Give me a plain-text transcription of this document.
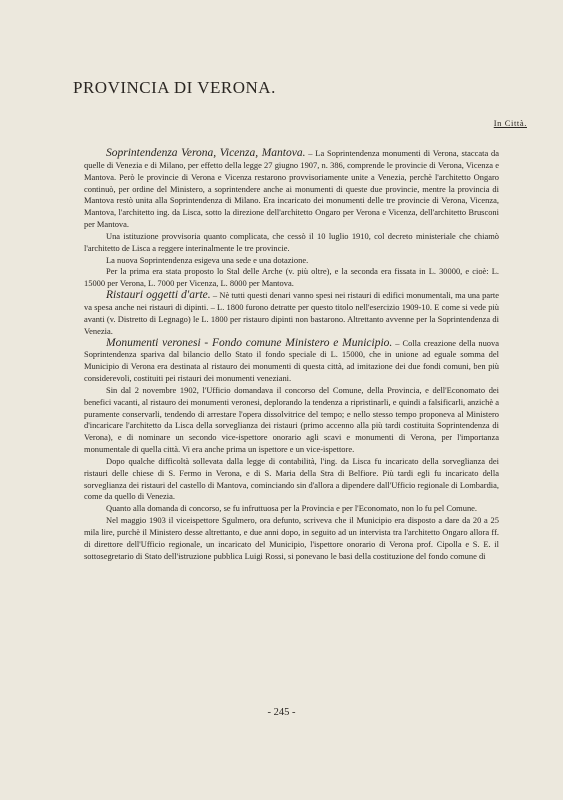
PROVINCIA DI VERONA.
In Città.

Soprintendenza Verona, Vicenza, Mantova. – La Soprintendenza monumenti di Verona, staccata da quelle di Venezia e di Milano, per effetto della legge 27 giugno 1907, n. 386, comprende le provincie di Verona, Vicenza e Mantova. Però le provincie di Verona e Vicenza restarono provvisoriamente unite a Venezia, perchè l'architetto Ongaro continuò, per ordine del Ministero, a soprintendere anche ai monumenti di queste due provincie, mentre la provincia di Mantova restò unita alla Soprintendenza di Milano. Era incaricato dei monumenti delle tre provincie di Verona, Vicenza, Mantova, l'architetto ing. da Lisca, sotto la direzione dell'architetto Ongaro per Verona e Vicenza, dell'architetto Brusconi per Mantova.

Una istituzione provvisoria quanto complicata, che cessò il 10 luglio 1910, col decreto ministeriale che chiamò l'architetto de Lisca a reggere interinalmente le tre provincie.

La nuova Soprintendenza esigeva una sede e una dotazione.

Per la prima era stata proposto lo Stal delle Arche (v. più oltre), e la seconda era fissata in L. 30000, e cioè: L. 15000 per Verona, L. 7000 per Vicenza, L. 8000 per Mantova.

Ristauri oggetti d'arte. – Nè tutti questi denari vanno spesi nei ristauri di edifici monumentali, ma una parte va spesa anche nei ristauri di dipinti. – L. 1800 furono detratte per questo titolo nell'esercizio 1909-10. E come si vede più avanti (v. Distretto di Legnago) le L. 1800 per ristauro dipinti non bastarono. Altrettanto avvenne per la Soprintendenza di Venezia.

Monumenti veronesi - Fondo comune Ministero e Municipio. – Colla creazione della nuova Soprintendenza spariva dal bilancio dello Stato il fondo speciale di L. 15000, che in unione ad eguale somma del Municipio di Verona era destinata al ristauro dei monumenti di questa città, ad imitazione dei due fondi comuni, ben più considerevoli, costituiti pei ristauri dei monumenti veneziani.

Sin dal 2 novembre 1902, l'Ufficio domandava il concorso del Comune, della Provincia, e dell'Economato dei benefici vacanti, al ristauro dei monumenti veronesi, deplorando la tendenza a ripristinarli, e quindi a falsificarli, anzichè a puramente conservarli, tendendo di arrestare l'opera dissolvitrice del tempo; e nello stesso tempo proponeva al Ministero d'incaricare l'architetto da Lisca della sorveglianza dei ristauri (primo accenno alla più tardi costituita Soprintendenza di Verona), e di nominare un secondo vice-ispettore onorario agli scavi e monumenti di Verona, per l'importanza monumentale di quella città. Vi era anche prima un ispettore e un vice-ispettore.

Dopo qualche difficoltà sollevata dalla legge di contabilità, l'ing. da Lisca fu incaricato della sorveglianza dei ristauri delle chiese di S. Fermo in Verona, e di S. Maria della Stra di Belfiore. Più tardi egli fu incaricato della sorveglianza dei ristauri del castello di Mantova, cominciando sin d'allora a dipendere dall'Ufficio regionale di Lombardia, come da quello di Venezia.

Quanto alla domanda di concorso, se fu infruttuosa per la Provincia e per l'Economato, non lo fu pel Comune.

Nel maggio 1903 il viceispettore Sgulmero, ora defunto, scriveva che il Municipio era disposto a dare da 20 a 25 mila lire, purchè il Ministero desse altrettanto, e due anni dopo, in seguito ad un intervista tra l'architetto Ongaro allora ff. di direttore dell'Ufficio regionale, un incaricato del Municipio, l'ispettore onorario di Verona prof. Cipolla e S. E. il sottosegretario di Stato dell'istruzione pubblica Luigi Rossi, si ponevano le basi della costituzione del fondo comune di

- 245 -
